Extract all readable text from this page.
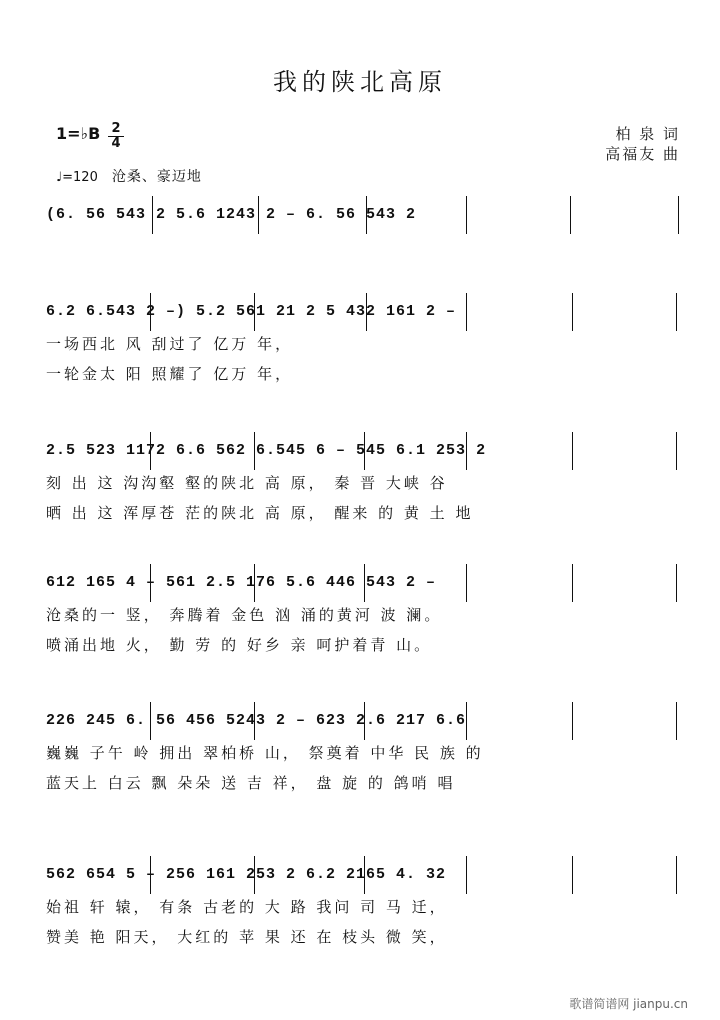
我的陕北高原
1=♭B 2
4
柏 泉 词
高福友 曲
♩=120 沧桑、豪迈地
(6. 56 543 2 5.6 1243 2 – 6. 56 543 2
6.2 6.543 2 –) 5.2 561 21 2 5 432 161 2 –
一场西北 风 刮过了 亿万 年，
一轮金太 阳 照耀了 亿万 年，
2.5 523 1172 6.6 562 6.545 6 – 545 6.1 253 2
刻 出 这 沟沟壑 壑的陕北 高 原， 秦 晋 大峡 谷
晒 出 这 浑厚苍 茫的陕北 高 原， 醒来 的 黄 土 地
612 165 4 – 561 2.5 176 5.6 446 543 2 –
沧桑的一 竖， 奔腾着 金色 汹 涌的黄河 波 澜。
喷涌出地 火， 勤 劳 的 好乡 亲 呵护着青 山。
226 245 6. 56 456 5243 2 – 623 2.6 217 6.6
巍巍 子午 岭 拥出 翠柏桥 山， 祭奠着 中华 民 族 的
蓝天上 白云 飘 朵朵 送 吉 祥， 盘 旋 的 鸽哨 唱
562 654 5 – 256 161 253 2 6.2 2165 4. 32
始祖 轩 辕， 有条 古老的 大 路 我问 司 马 迁，
赞美 艳 阳天， 大红的 苹 果 还 在 枝头 微 笑，
歌谱简谱网 jianpu.cn
